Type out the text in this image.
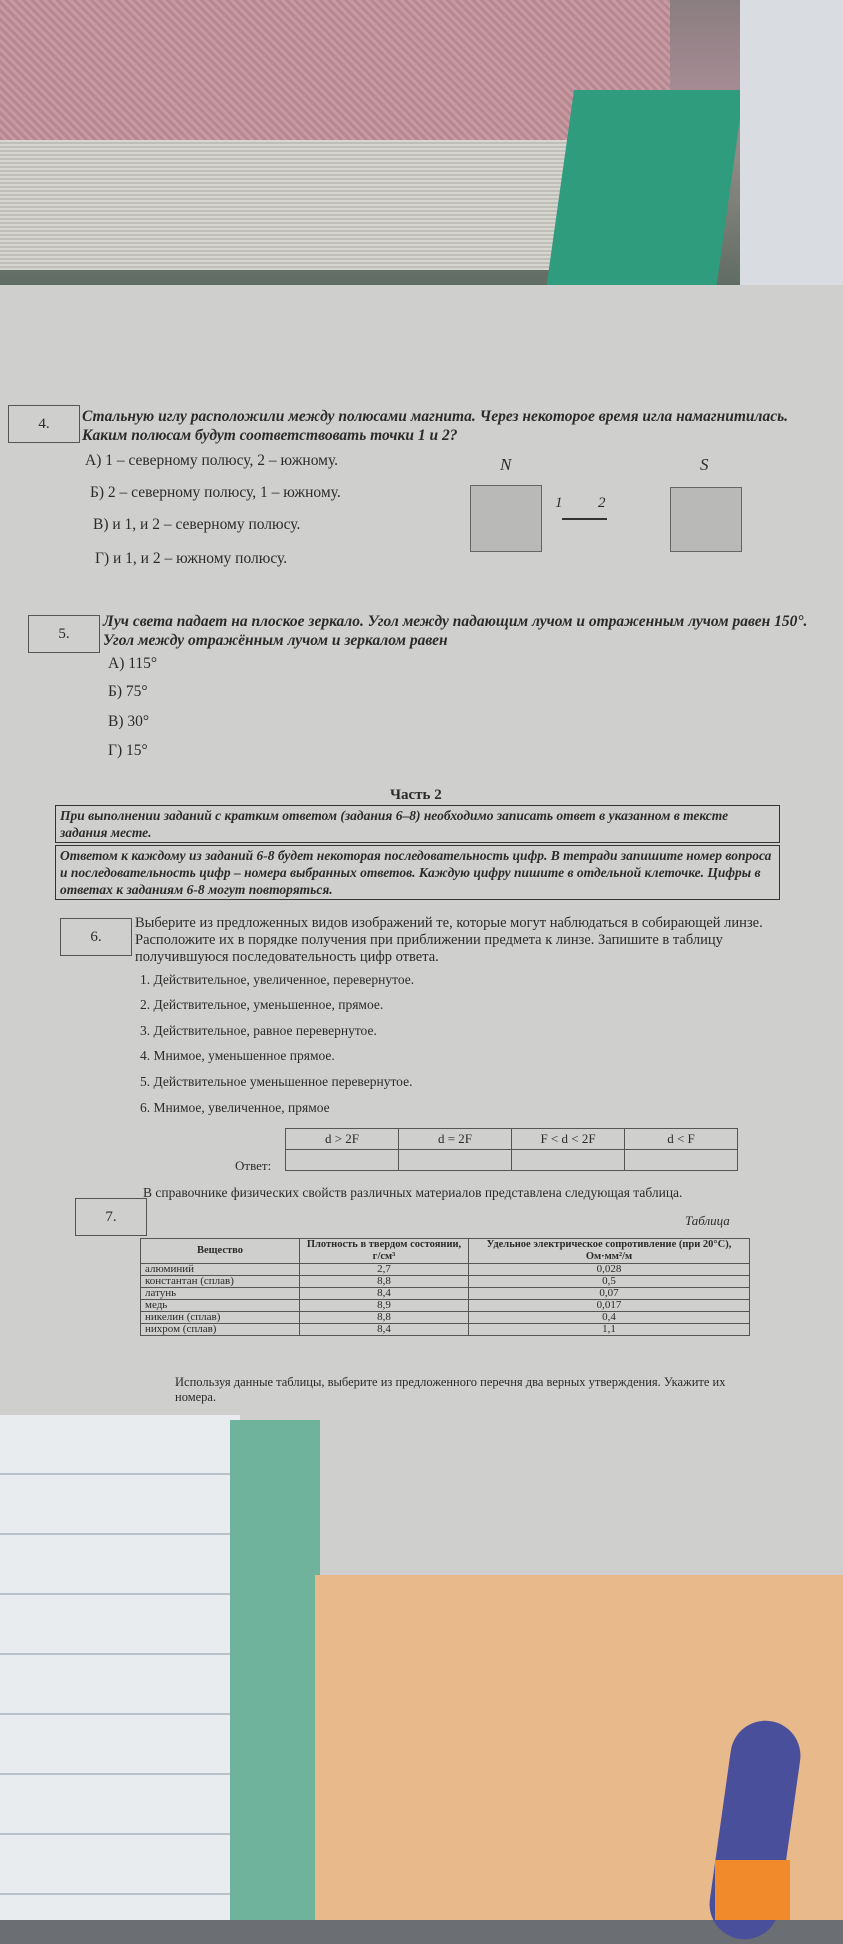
4.	Стальную иглу расположили между полюсами магнита. Через некоторое время игла намагнитилась. Каким полюсам будут соответствовать точки 1 и 2?
А) 1 – северному полюсу, 2 – южному.
Б) 2 – северному полюсу, 1 – южному.
В) и 1, и 2 – северному полюсу.
Г) и 1, и 2 – южному полюсу.
N	S
1 2
5.
Луч света падает на плоское зеркало. Угол между падающим лучом и отраженным лучом равен 150°. Угол между отражённым лучом и зеркалом равен
А) 115°
Б) 75°
В) 30°
Г) 15°
Часть 2
При выполнении заданий с кратким ответом (задания 6–8) необходимо записать ответ в указанном в тексте задания месте.
Ответом к каждому из заданий 6-8 будет некоторая последовательность цифр. В тетради запишите номер вопроса и последовательность цифр – номера выбранных ответов. Каждую цифру пишите в отдельной клеточке. Цифры в ответах к заданиям 6-8 могут повторяться.
6.
Выберите из предложенных видов изображений те, которые могут наблюдаться в собирающей линзе. Расположите их в порядке получения при приближении предмета к линзе. Запишите в таблицу получившуюся последовательность цифр ответа.
1. Действительное, увеличенное, перевернутое.
2. Действительное, уменьшенное, прямое.
3. Действительное, равное перевернутое.
4. Мнимое, уменьшенное прямое.
5. Действительное уменьшенное перевернутое.
6. Мнимое, увеличенное, прямое
Ответ:
d > 2F	d = 2F	F < d < 2F	d < F

7.
В справочнике физических свойств различных материалов представлена следующая таблица.
Таблица
Вещество	Плотность в твердом состоянии, г/см³	Удельное электрическое сопротивление (при 20°С), Ом·мм²/м
алюминий	2,7	0,028
константан (сплав)	8,8	0,5
латунь	8,4	0,07
медь	8,9	0,017
никелин (сплав)	8,8	0,4
нихром (сплав)	8,4	1,1
Используя данные таблицы, выберите из предложенного перечня два верных утверждения. Укажите их номера.
